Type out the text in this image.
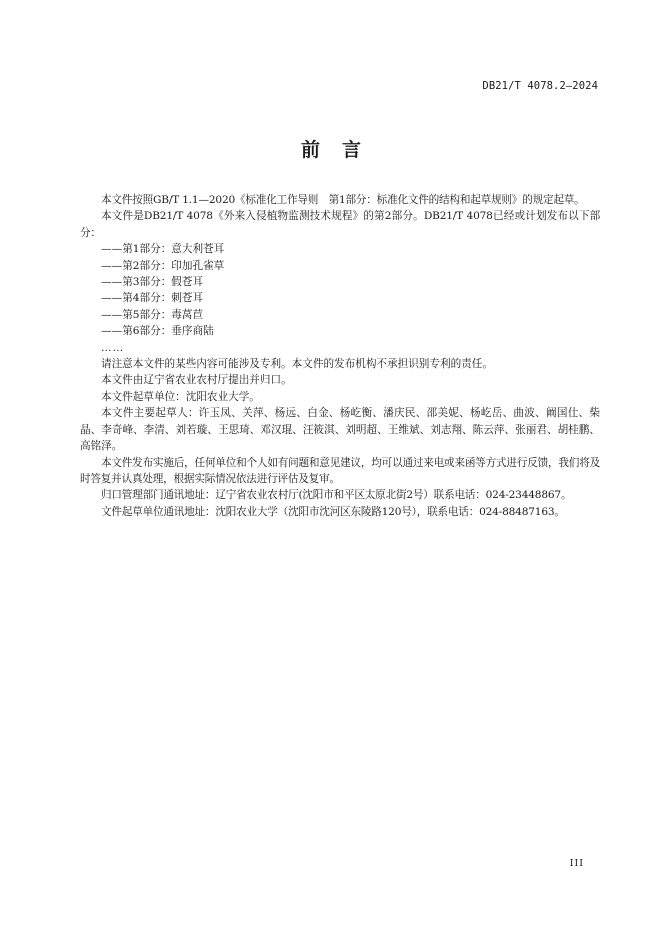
DB21/T 4078.2—2024
前言

本文件按照GB/T 1.1—2020《标准化工作导则　第1部分：标准化文件的结构和起草规则》的规定起草。

本文件是DB21/T 4078《外来入侵植物监测技术规程》的第2部分。DB21/T 4078已经或计划发布以下部分：

——第1部分：意大利苍耳
——第2部分：印加孔雀草
——第3部分：假苍耳
——第4部分：刺苍耳
——第5部分：毒莴苣
——第6部分：垂序商陆
……

请注意本文件的某些内容可能涉及专利。本文件的发布机构不承担识别专利的责任。

本文件由辽宁省农业农村厅提出并归口。

本文件起草单位：沈阳农业大学。

本文件主要起草人：许玉凤、关萍、杨远、白金、杨屹衡、潘庆民、邵美妮、杨屹岳、曲波、阚国仕、柴晶、李奇峰、李清、刘若璇、王思琦、邓汉琨、汪筱淇、刘明超、王维斌、刘志翔、陈云萍、张丽君、胡桂鹏、高铭泽。

本文件发布实施后，任何单位和个人如有问题和意见建议，均可以通过来电或来函等方式进行反馈，我们将及时答复并认真处理，根据实际情况依法进行评估及复审。

归口管理部门通讯地址：辽宁省农业农村厅(沈阳市和平区太原北街2号）联系电话：024-23448867。

文件起草单位通讯地址：沈阳农业大学（沈阳市沈河区东陵路120号），联系电话：024-88487163。

III
